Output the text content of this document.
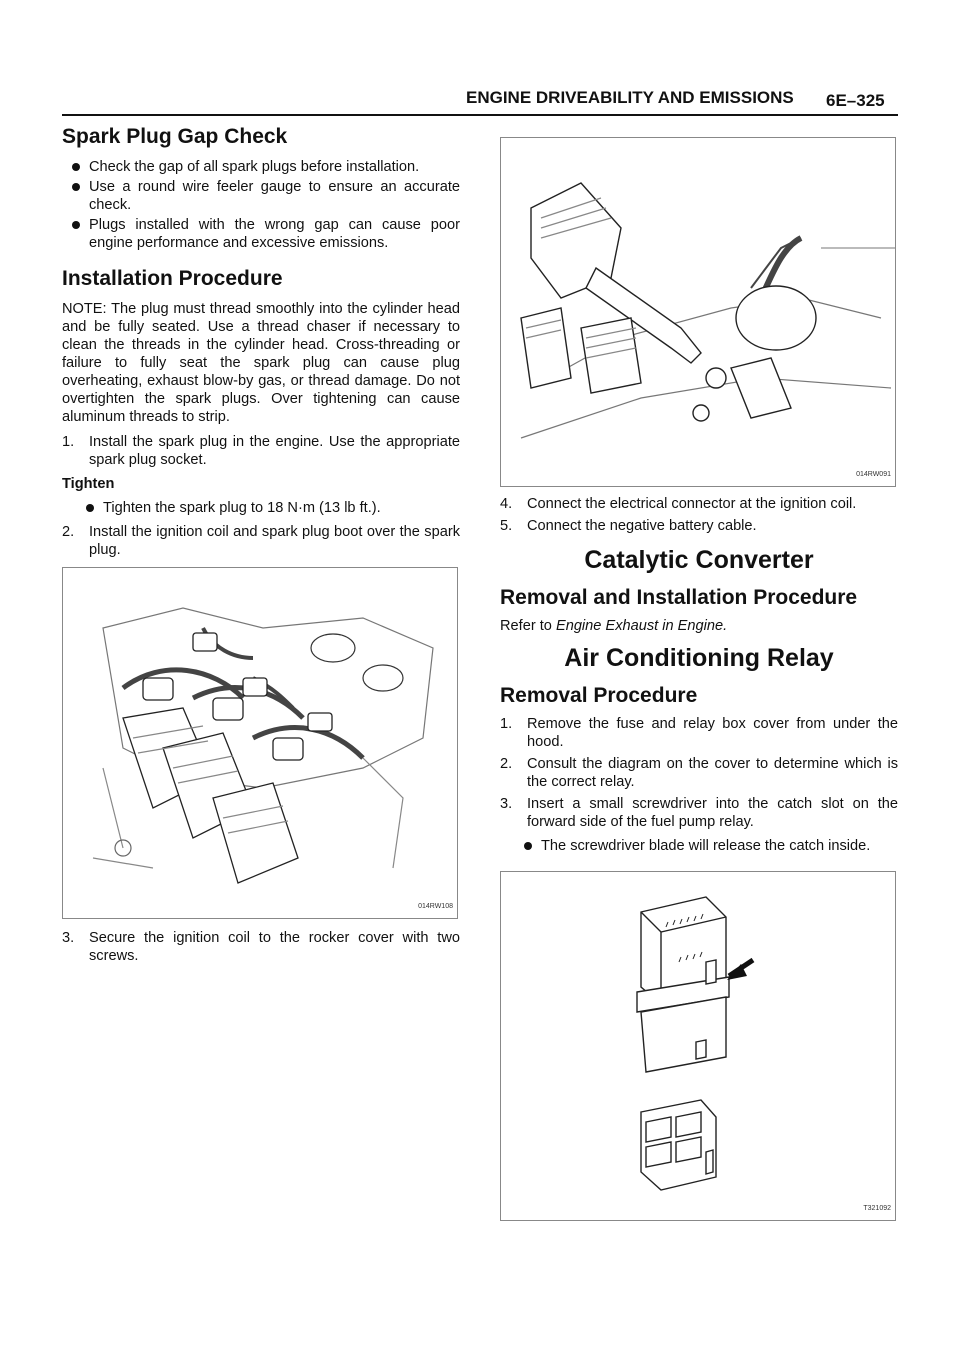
ENGINE DRIVEABILITY AND EMISSIONS 6E–325
Spark Plug Gap Check

Check the gap of all spark plugs before installation.

Use a round wire feeler gauge to ensure an accurate check.

Plugs installed with the wrong gap can cause poor engine performance and excessive emissions.

Installation Procedure

NOTE: The plug must thread smoothly into the cylinder head and be fully seated. Use a thread chaser if necessary to clean the threads in the cylinder head. Cross-threading or failure to fully seat the spark plug can cause plug overheating, exhaust blow-by gas, or thread damage. Do not overtighten the spark plugs. Over tightening can cause aluminum threads to strip.

1. Install the spark plug in the engine. Use the appropriate spark plug socket.
Tighten

Tighten the spark plug to 18 N·m (13 lb ft.).

2. Install the ignition coil and spark plug boot over the spark plug.
014RW108
3. Secure the ignition coil to the rocker cover with two screws.
014RW091
4. Connect the electrical connector at the ignition coil.
5. Connect the negative battery cable.
Catalytic Converter
Removal and Installation Procedure

Refer to Engine Exhaust in Engine.

Air Conditioning Relay
Removal Procedure
1. Remove the fuse and relay box cover from under the hood.
2. Consult the diagram on the cover to determine which is the correct relay.
3. Insert a small screwdriver into the catch slot on the forward side of the fuel pump relay.

The screwdriver blade will release the catch inside.

T321092
